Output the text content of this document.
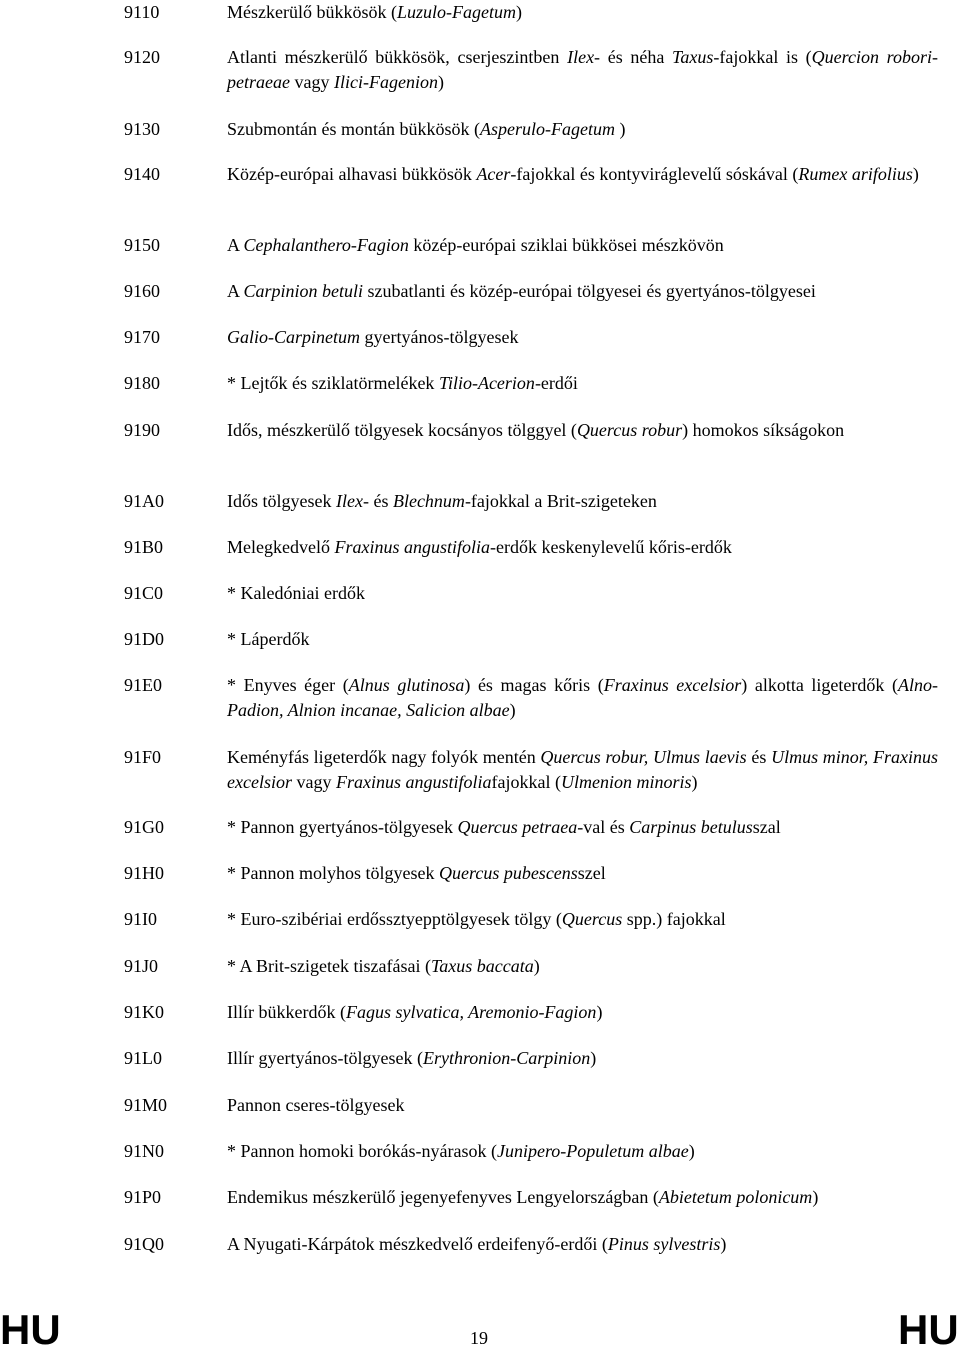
9110	Mészkerülő bükkösök (Luzulo-Fagetum)
9120	Atlanti mészkerülő bükkösök, cserjeszintben Ilex- és néha Taxus-fajokkal is (Quercion robori-petraeae vagy Ilici-Fagenion)
9130	Szubmontán és montán bükkösök (Asperulo-Fagetum )
9140	Közép-európai alhavasi bükkösök Acer-fajokkal és kontyviráglevelű sóskával (Rumex arifolius)
9150	A Cephalanthero-Fagion közép-európai sziklai bükkösei mészkövön
9160	A Carpinion betuli szubatlanti és közép-európai tölgyesei és gyertyános-tölgyesei
9170	Galio-Carpinetum gyertyános-tölgyesek
9180	* Lejtők és sziklatörmelékek Tilio-Acerion-erdői
9190	Idős, mészkerülő tölgyesek kocsányos tölggyel (Quercus robur) homokos síkságokon
91A0	Idős tölgyesek Ilex- és Blechnum-fajokkal a Brit-szigeteken
91B0	Melegkedvelő Fraxinus angustifolia-erdők keskenylevelű kőris-erdők
91C0	* Kaledóniai erdők
91D0	* Láperdők
91E0	* Enyves éger (Alnus glutinosa) és magas kőris (Fraxinus excelsior) alkotta ligeterdők (Alno-Padion, Alnion incanae, Salicion albae)
91F0	Keményfás ligeterdők nagy folyók mentén Quercus robur, Ulmus laevis és Ulmus minor, Fraxinus excelsior vagy Fraxinus angustifoliafajokkal (Ulmenion minoris)
91G0	* Pannon gyertyános-tölgyesek Quercus petraea-val és Carpinus betulusszal
91H0	* Pannon molyhos tölgyesek Quercus pubescensszel
91I0	* Euro-szibériai erdőssztyepptölgyesek tölgy (Quercus spp.) fajokkal
91J0	* A Brit-szigetek tiszafásai (Taxus baccata)
91K0	Illír bükkerdők (Fagus sylvatica, Aremonio-Fagion)
91L0	Illír gyertyános-tölgyesek (Erythronion-Carpinion)
91M0	Pannon cseres-tölgyesek
91N0	* Pannon homoki borókás-nyárasok (Junipero-Populetum albae)
91P0	Endemikus mészkerülő jegenyefenyves Lengyelországban (Abietetum polonicum)
91Q0	A Nyugati-Kárpátok mészkedvelő erdeifenyő-erdői (Pinus sylvestris)
HU	19	HU
